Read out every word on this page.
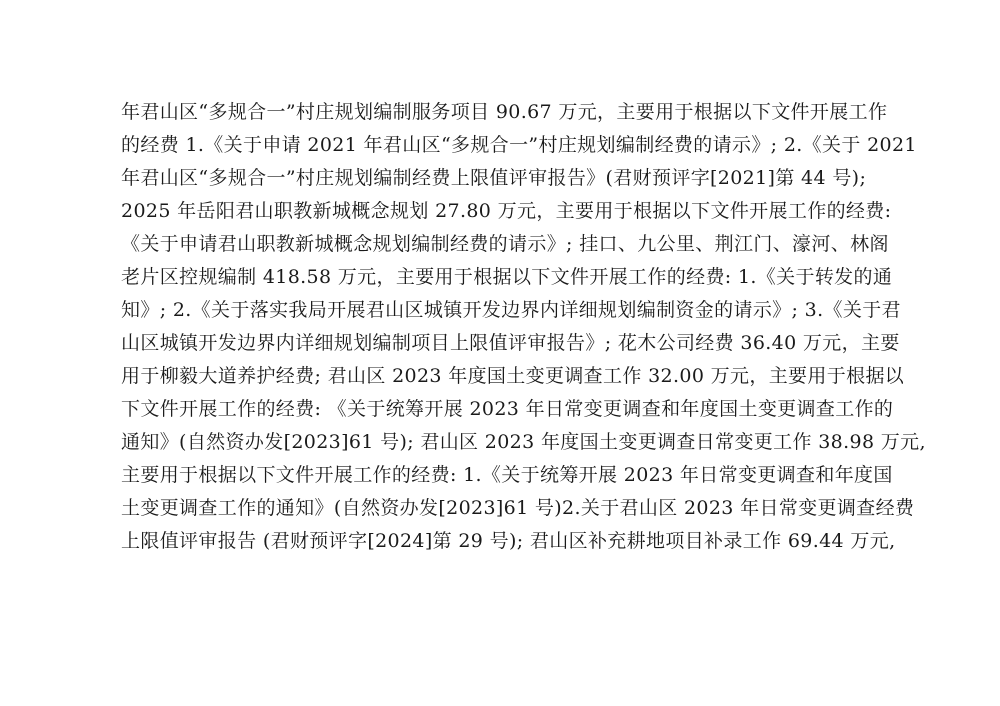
年君山区“多规合一”村庄规划编制服务项目 90.67 万元，主要用于根据以下文件开展工作
的经费 1.《关于申请 2021 年君山区“多规合一”村庄规划编制经费的请示》; 2.《关于 2021
年君山区“多规合一”村庄规划编制经费上限值评审报告》(君财预评字[2021]第 44 号);
2025 年岳阳君山职教新城概念规划 27.80 万元，主要用于根据以下文件开展工作的经费:
《关于申请君山职教新城概念规划编制经费的请示》; 挂口、九公里、荆江门、濠河、林阁
老片区控规编制 418.58 万元，主要用于根据以下文件开展工作的经费: 1.《关于转发的通
知》; 2.《关于落实我局开展君山区城镇开发边界内详细规划编制资金的请示》; 3.《关于君
山区城镇开发边界内详细规划编制项目上限值评审报告》; 花木公司经费 36.40 万元，主要
用于柳毅大道养护经费; 君山区 2023 年度国土变更调查工作 32.00 万元，主要用于根据以
下文件开展工作的经费: 《关于统筹开展 2023 年日常变更调查和年度国土变更调查工作的
通知》(自然资办发[2023]61 号); 君山区 2023 年度国土变更调查日常变更工作 38.98 万元,
主要用于根据以下文件开展工作的经费: 1.《关于统筹开展 2023 年日常变更调查和年度国
土变更调查工作的通知》(自然资办发[2023]61 号)2.关于君山区 2023 年日常变更调查经费
上限值评审报告 (君财预评字[2024]第 29 号); 君山区补充耕地项目补录工作 69.44 万元,
